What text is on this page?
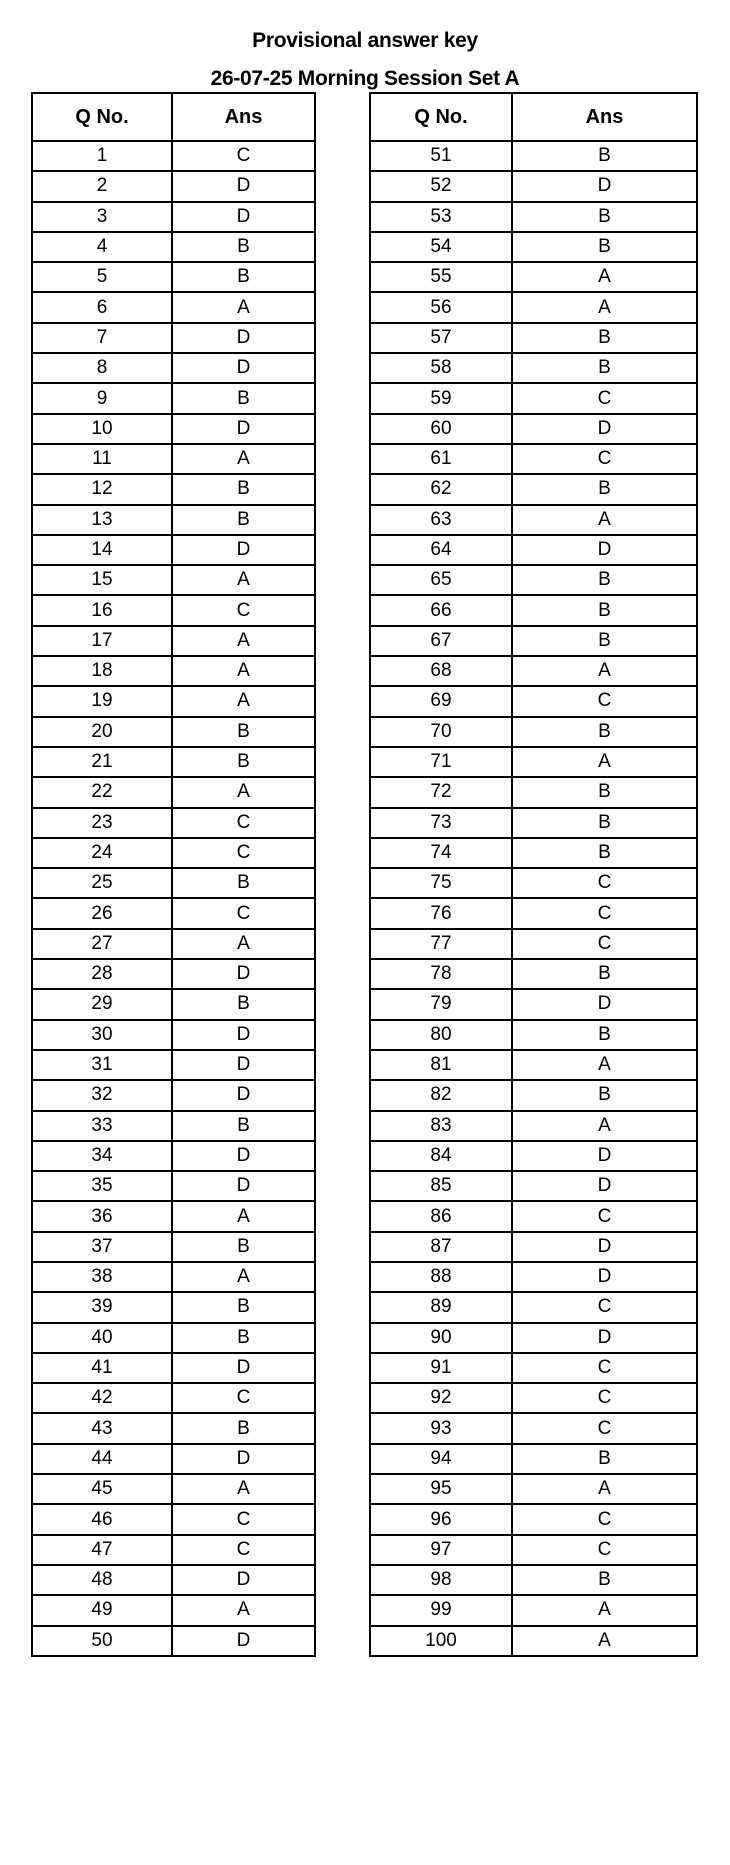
Provisional answer key
26-07-25 Morning Session Set A
Q No.	Ans
1	C
2	D
3	D
4	B
5	B
6	A
7	D
8	D
9	B
10	D
11	A
12	B
13	B
14	D
15	A
16	C
17	A
18	A
19	A
20	B
21	B
22	A
23	C
24	C
25	B
26	C
27	A
28	D
29	B
30	D
31	D
32	D
33	B
34	D
35	D
36	A
37	B
38	A
39	B
40	B
41	D
42	C
43	B
44	D
45	A
46	C
47	C
48	D
49	A
50	D
Q No.	Ans
51	B
52	D
53	B
54	B
55	A
56	A
57	B
58	B
59	C
60	D
61	C
62	B
63	A
64	D
65	B
66	B
67	B
68	A
69	C
70	B
71	A
72	B
73	B
74	B
75	C
76	C
77	C
78	B
79	D
80	B
81	A
82	B
83	A
84	D
85	D
86	C
87	D
88	D
89	C
90	D
91	C
92	C
93	C
94	B
95	A
96	C
97	C
98	B
99	A
100	A
